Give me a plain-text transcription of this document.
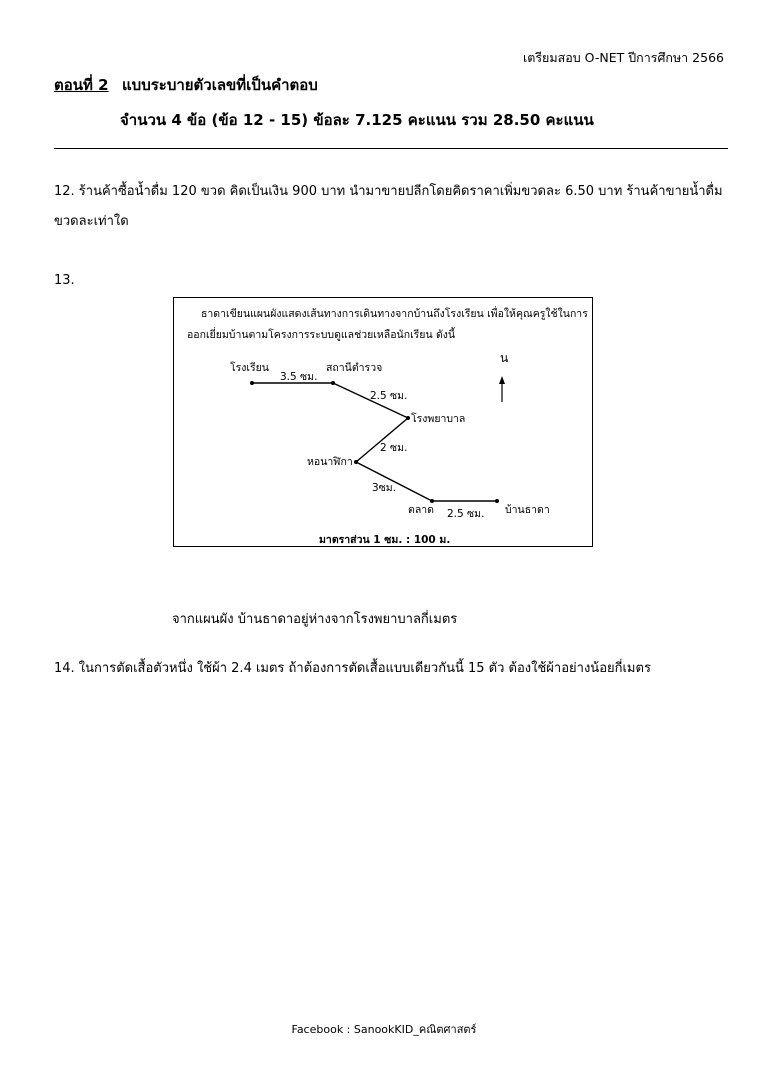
เตรียมสอบ O-NET ปีการศึกษา 2566
ตอนที่ 2 แบบระบายตัวเลขที่เป็นคำตอบ
จำนวน 4 ข้อ (ข้อ 12 - 15) ข้อละ 7.125 คะแนน รวม 28.50 คะแนน
12. ร้านค้าซื้อน้ำดื่ม 120 ขวด คิดเป็นเงิน 900 บาท นำมาขายปลีกโดยคิดราคาเพิ่มขวดละ 6.50 บาท ร้านค้าขายน้ำดื่ม
ขวดละเท่าใด
13.
ธาดาเขียนแผนผังแสดงเส้นทางการเดินทางจากบ้านถึงโรงเรียน เพื่อให้คุณครูใช้ในการ
ออกเยี่ยมบ้านตามโครงการระบบดูแลช่วยเหลือนักเรียน ดังนี้
น
โรงเรียน	สถานีตำรวจ
โรงพยาบาล
หอนาฬิกา
ตลาด	บ้านธาดา
3.5 ซม.
2.5 ซม.
2 ซม.
3ซม.
2.5 ซม.
มาตราส่วน 1 ซม. : 100 ม.
จากแผนผัง บ้านธาดาอยู่ห่างจากโรงพยาบาลกี่เมตร
14. ในการตัดเสื้อตัวหนึ่ง ใช้ผ้า 2.4 เมตร ถ้าต้องการตัดเสื้อแบบเดียวกันนี้ 15 ตัว ต้องใช้ผ้าอย่างน้อยกี่เมตร
Facebook : SanookKID_คณิตศาสตร์
